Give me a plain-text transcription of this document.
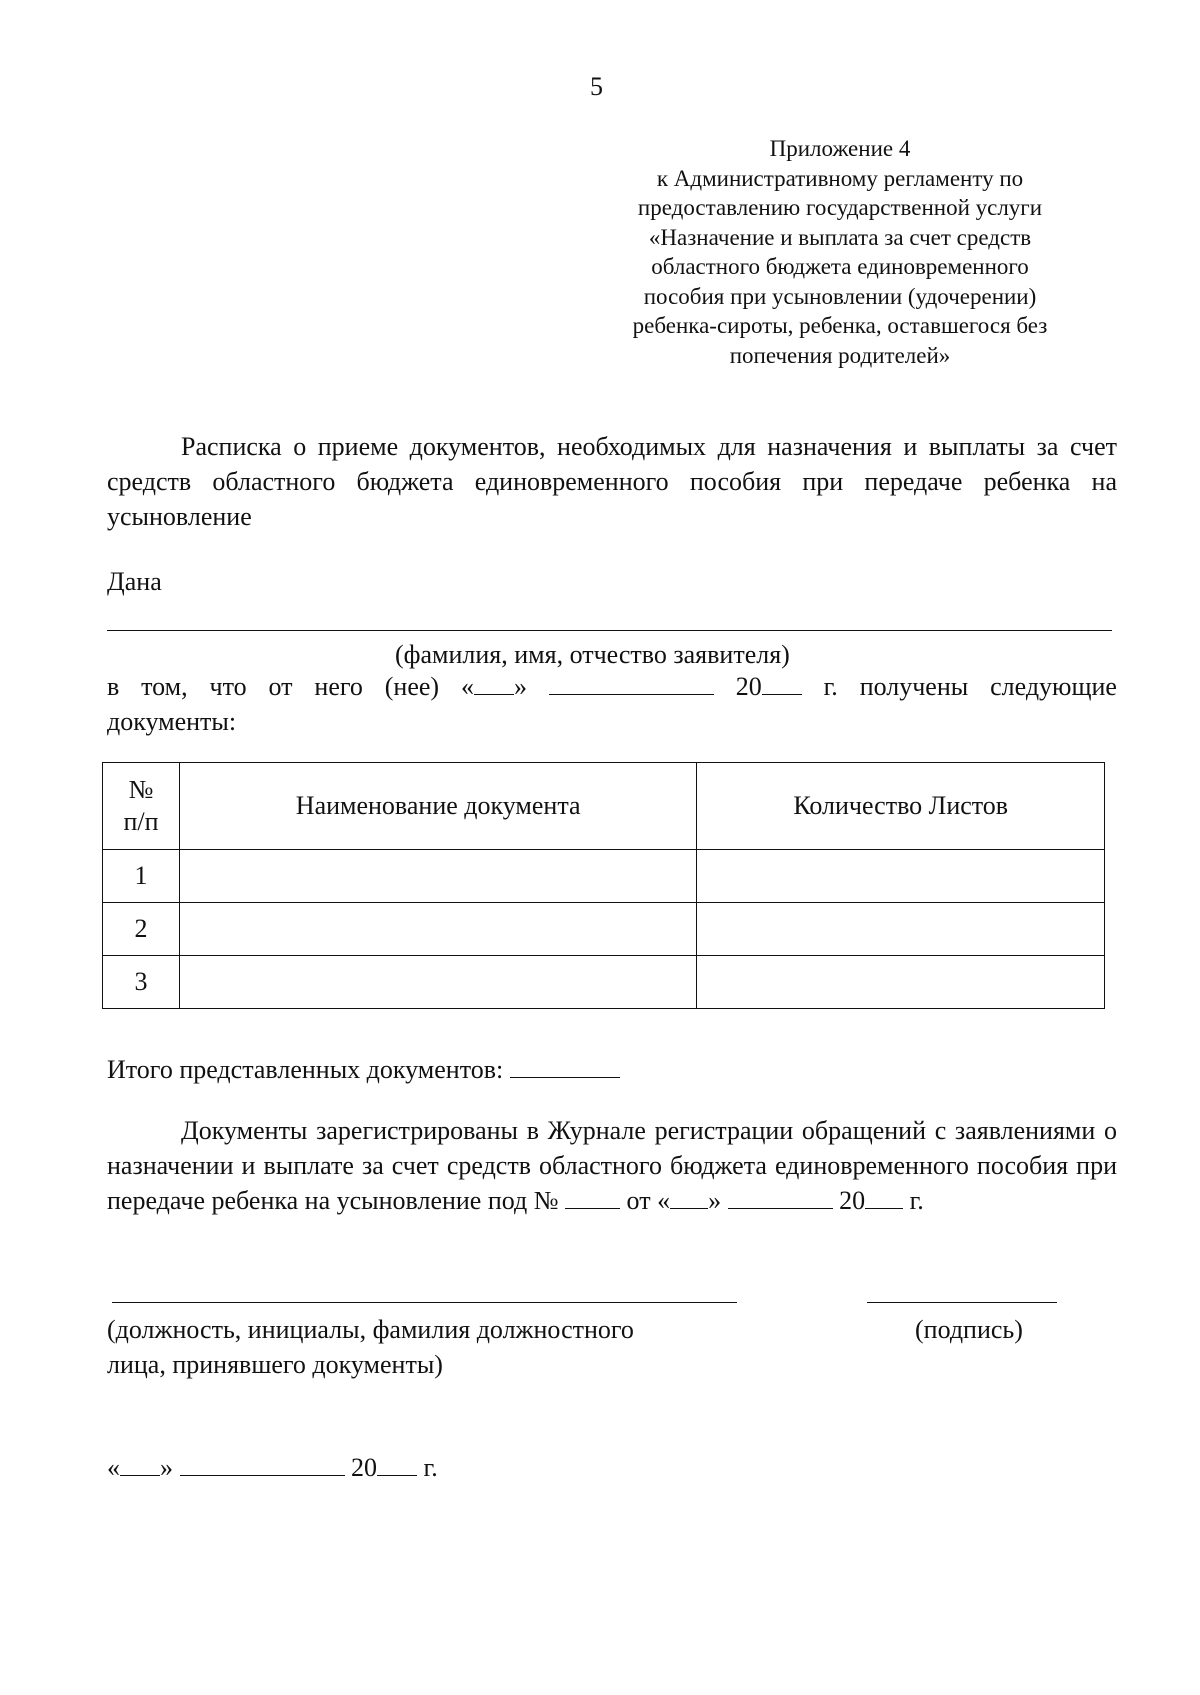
5
Приложение 4
к Административному регламенту по
предоставлению государственной услуги
«Назначение и выплата за счет средств
областного бюджета единовременного
пособия при усыновлении (удочерении)
ребенка-сироты, ребенка, оставшегося без
попечения родителей»
Расписка о приеме документов, необходимых для назначения и выплаты за счет средств областного бюджета единовременного пособия при передаче ребенка на усыновление
Дана
(фамилия, имя, отчество заявителя)
в том, что от него (нее) « »	20	г. получены следующие
документы:
№ п/п	Наименование документа	Количество Листов
1		
2		
3		
Итого представленных документов:
Документы зарегистрированы в Журнале регистрации обращений с заявлениями о назначении и выплате за счет средств областного бюджета единовременного пособия при передаче ребенка на усыновление под №	от « »	20 г.
(должность, инициалы, фамилия должностного лица, принявшего документы)
(подпись)
« »	20 г.
